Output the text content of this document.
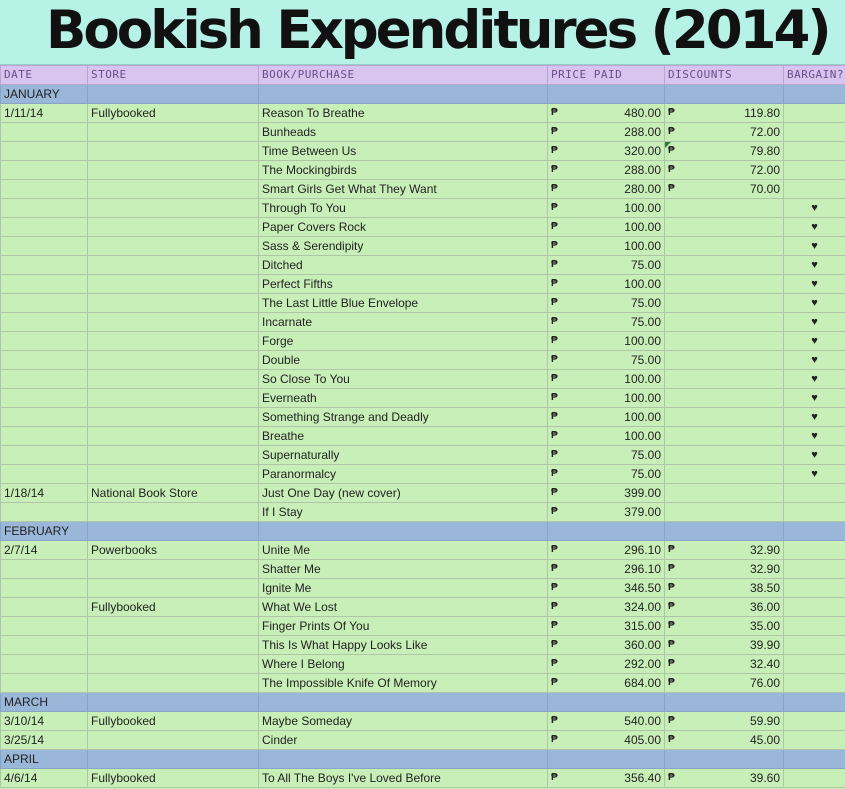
Bookish Expenditures (2014)
DATE	STORE	BOOK/PURCHASE	PRICE PAID	DISCOUNTS	BARGAIN?
JANUARY					
1/11/14	Fullybooked	Reason To Breathe	₱ 480.00	₱ 119.80	

		Bunheads	₱ 288.00	₱ 72.00	

		Time Between Us	₱ 320.00	₱ 79.80	

		The Mockingbirds	₱ 288.00	₱ 72.00	

		Smart Girls Get What They Want	₱ 280.00	₱ 70.00	

		Through To You	₱ 100.00		♥
		Paper Covers Rock	₱ 100.00		♥
		Sass & Serendipity	₱ 100.00		♥
		Ditched	₱ 75.00		♥
		Perfect Fifths	₱ 100.00		♥
		The Last Little Blue Envelope	₱ 75.00		♥
		Incarnate	₱ 75.00		♥
		Forge	₱ 100.00		♥
		Double	₱ 75.00		♥
		So Close To You	₱ 100.00		♥
		Everneath	₱ 100.00		♥
		Something Strange and Deadly	₱ 100.00		♥
		Breathe	₱ 100.00		♥
		Supernaturally	₱ 75.00		♥
		Paranormalcy	₱ 75.00		♥
1/18/14	National Book Store	Just One Day (new cover)	₱ 399.00		

		If I Stay	₱ 379.00		

FEBRUARY					
2/7/14	Powerbooks	Unite Me	₱ 296.10	₱ 32.90	

		Shatter Me	₱ 296.10	₱ 32.90	

		Ignite Me	₱ 346.50	₱ 38.50	

	Fullybooked	What We Lost	₱ 324.00	₱ 36.00	

		Finger Prints Of You	₱ 315.00	₱ 35.00	

		This Is What Happy Looks Like	₱ 360.00	₱ 39.90	

		Where I Belong	₱ 292.00	₱ 32.40	

		The Impossible Knife Of Memory	₱ 684.00	₱ 76.00	

MARCH					
3/10/14	Fullybooked	Maybe Someday	₱ 540.00	₱ 59.90	

3/25/14		Cinder	₱ 405.00	₱ 45.00	

APRIL					
4/6/14	Fullybooked	To All The Boys I've Loved Before	₱ 356.40	₱ 39.60	
